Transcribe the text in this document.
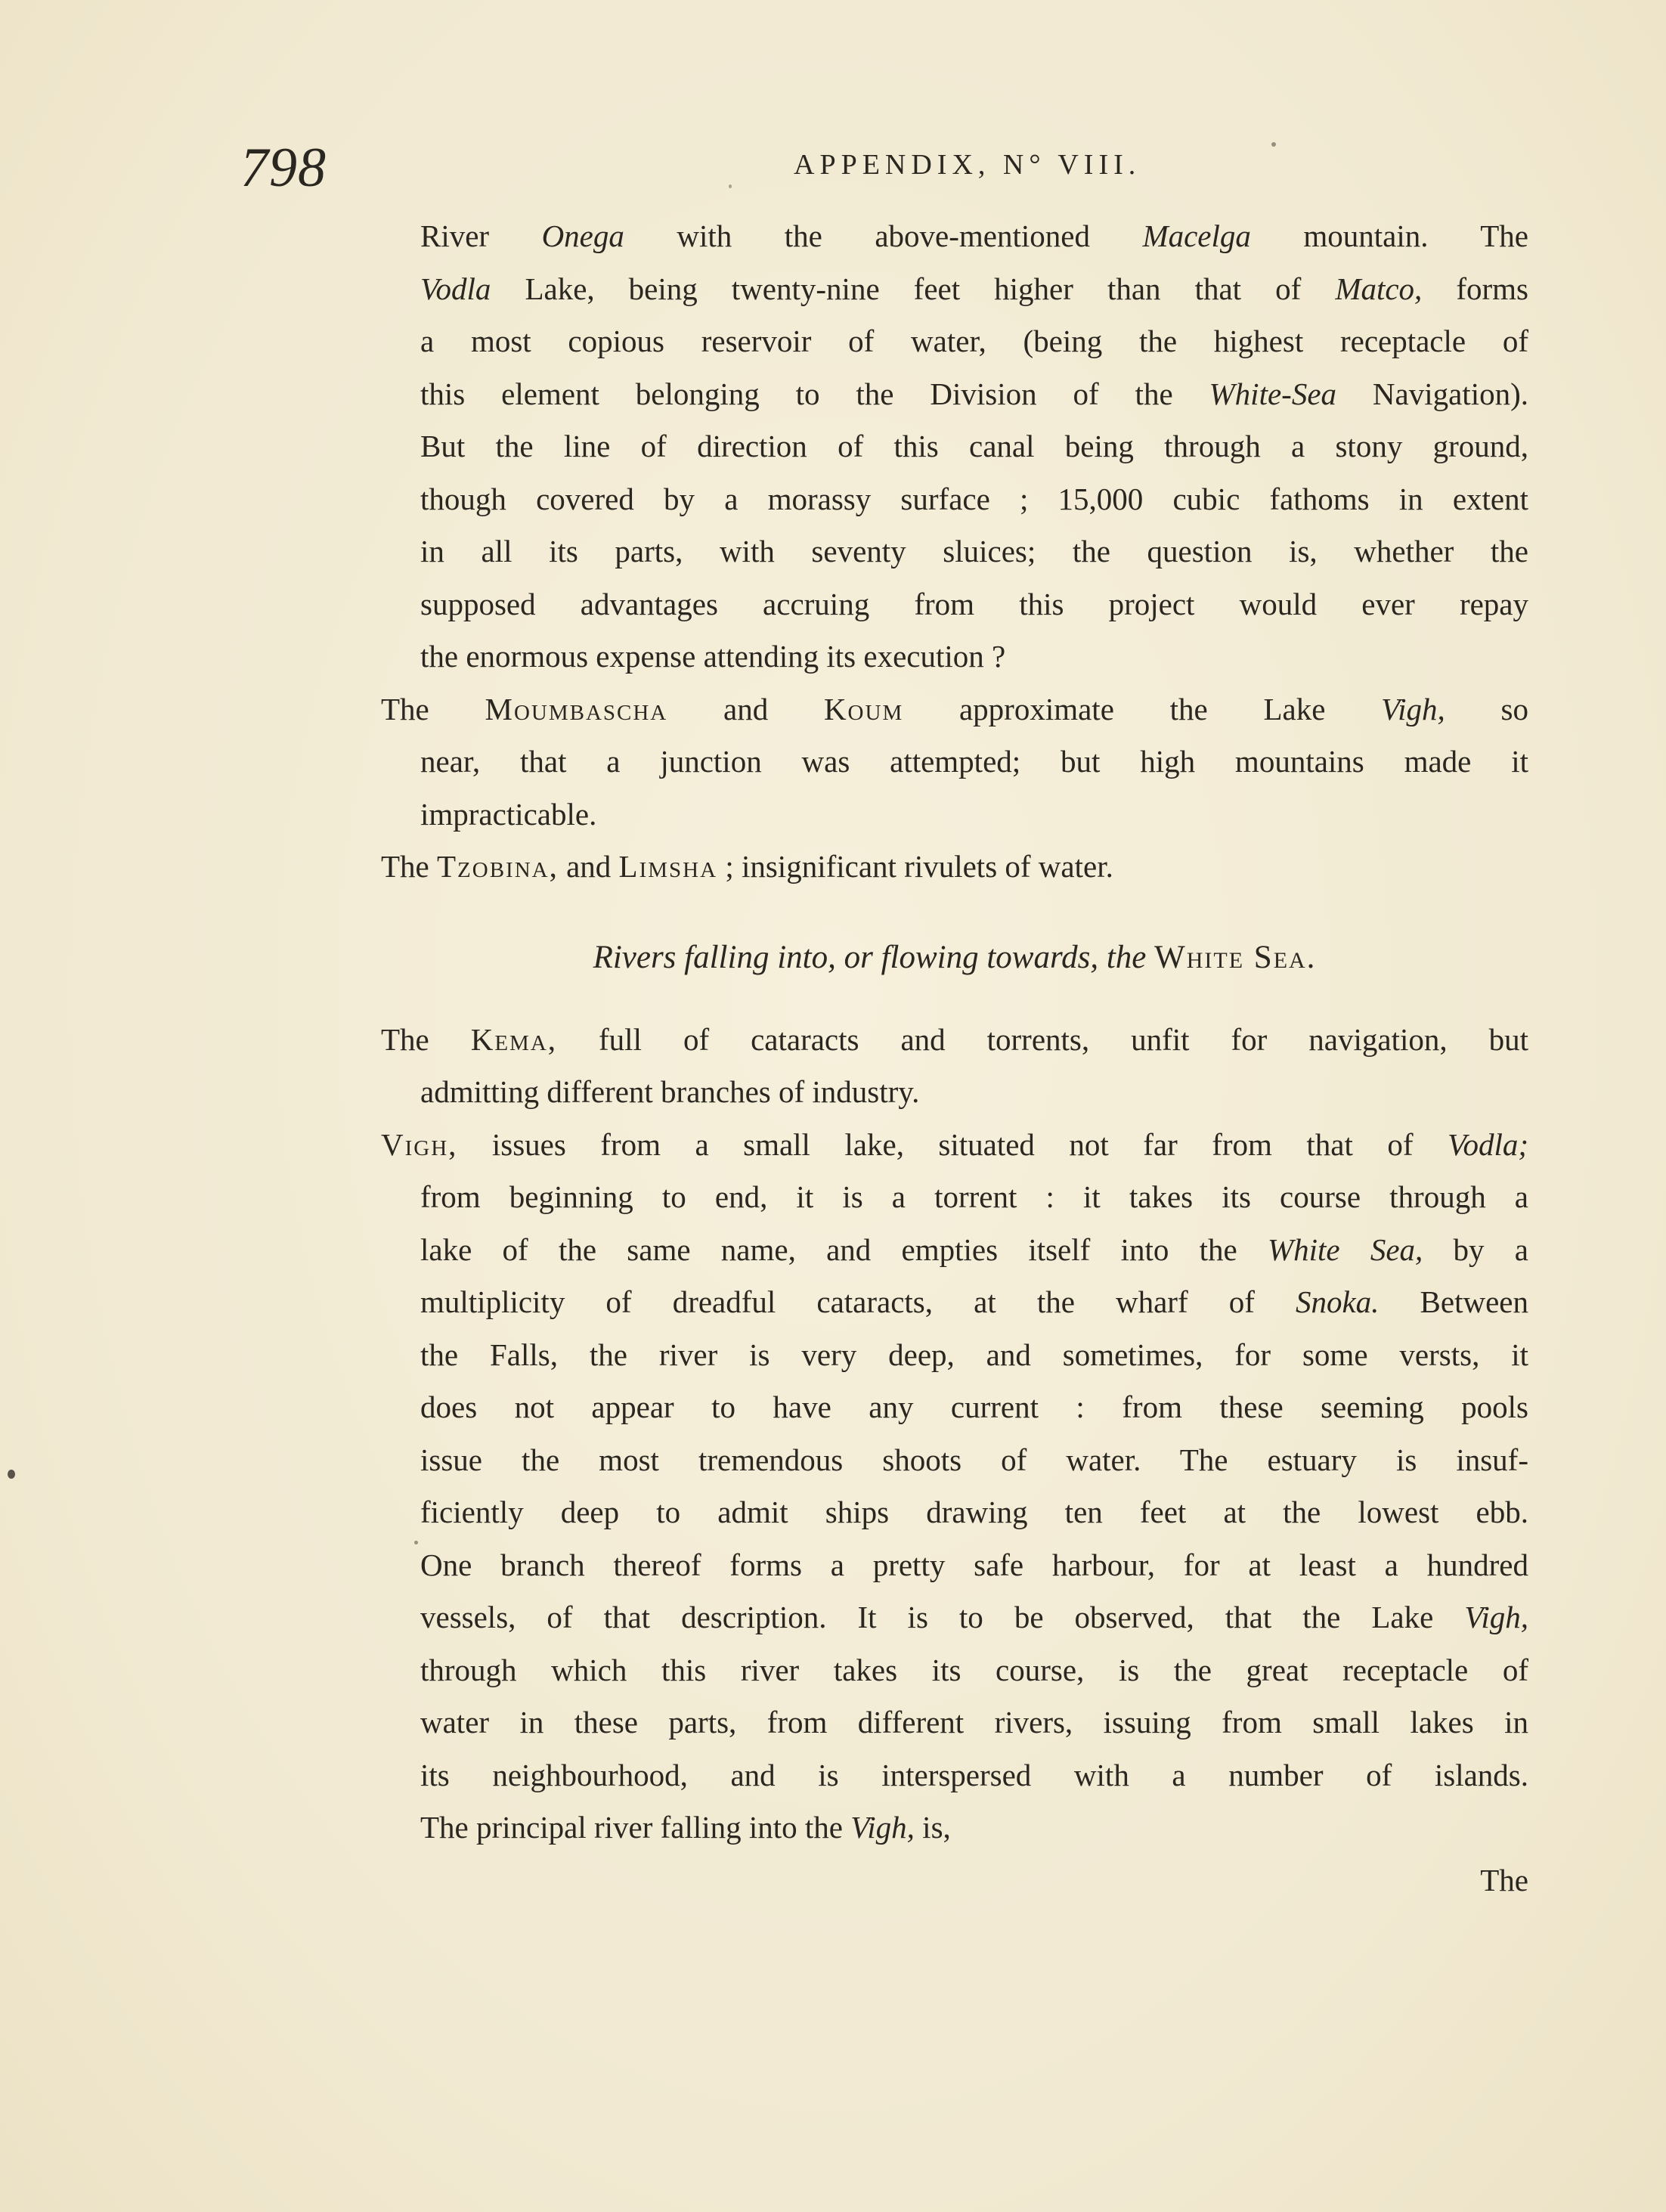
798	APPENDIX, N° VIII.
River Onega with the above-mentioned Macelga mountain. The
Vodla Lake, being twenty-nine feet higher than that of Matco, forms
a most copious reservoir of water, (being the highest receptacle of
this element belonging to the Division of the White-Sea Navigation).
But the line of direction of this canal being through a stony ground,
though covered by a morassy surface ; 15,000 cubic fathoms in extent
in all its parts, with seventy sluices; the question is, whether the
supposed advantages accruing from this project would ever repay
the enormous expense attending its execution ?
The Moumbascha and Koum approximate the Lake Vigh, so
near, that a junction was attempted; but high mountains made it
impracticable.
The Tzobina, and Limsha ; insignificant rivulets of water.
Rivers falling into, or flowing towards, the White Sea.
The Kema, full of cataracts and torrents, unfit for navigation, but
admitting different branches of industry.
Vigh, issues from a small lake, situated not far from that of Vodla;
from beginning to end, it is a torrent : it takes its course through a
lake of the same name, and empties itself into the White Sea, by a
multiplicity of dreadful cataracts, at the wharf of Snoka. Between
the Falls, the river is very deep, and sometimes, for some versts, it
does not appear to have any current : from these seeming pools
issue the most tremendous shoots of water. The estuary is insuf-
ficiently deep to admit ships drawing ten feet at the lowest ebb.
One branch thereof forms a pretty safe harbour, for at least a hundred
vessels, of that description. It is to be observed, that the Lake Vigh,
through which this river takes its course, is the great receptacle of
water in these parts, from different rivers, issuing from small lakes in
its neighbourhood, and is interspersed with a number of islands.
The principal river falling into the Vigh, is,
The
